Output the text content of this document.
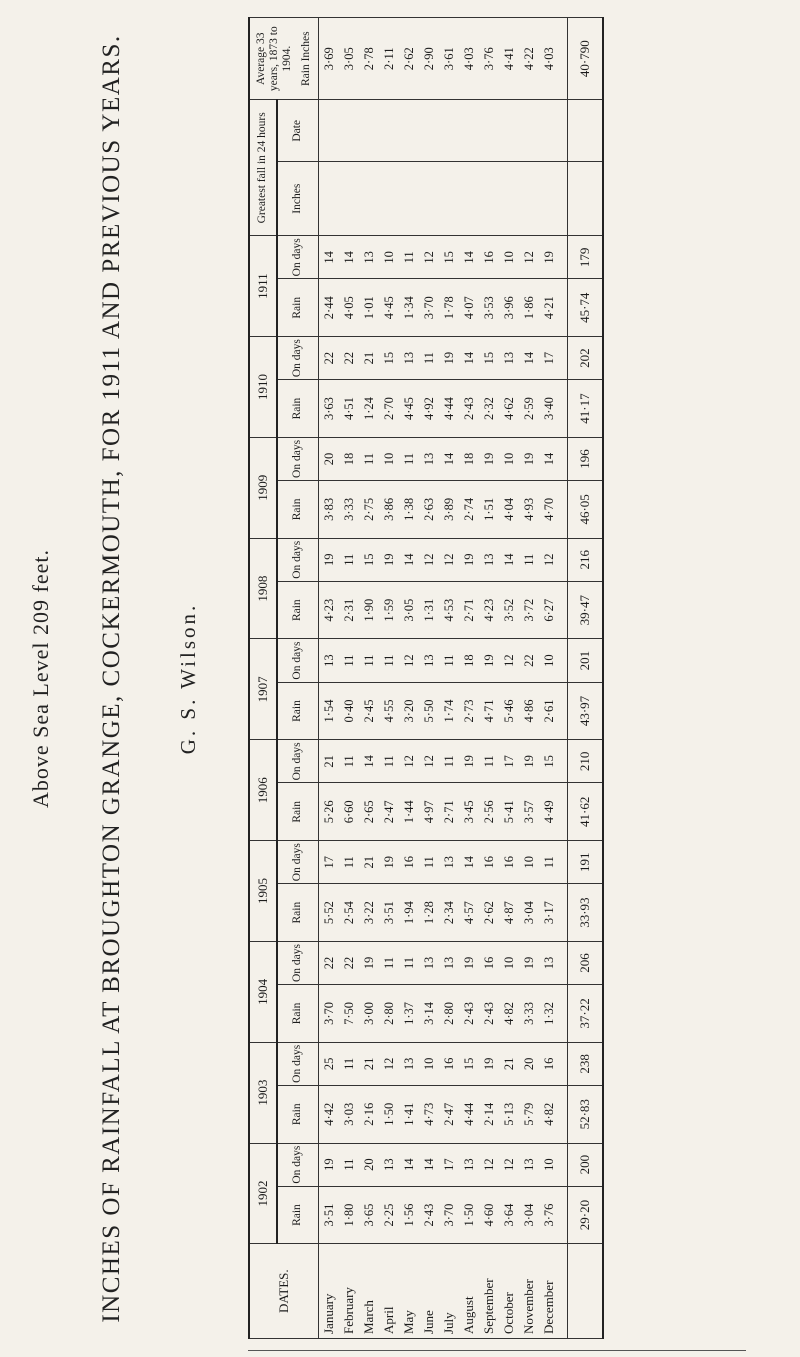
Above Sea Level 209 feet. INCHES OF RAINFALL AT BROUGHTON GRANGE, COCKERMOUTH, FOR 1911 AND PREVIOUS YEARS. G. S. Wilson.
DATES.	1902		1903		1904		1905		1906		1907		1908		1909		1910		1911		Greatest fall in 24 hours		Average 33 years, 1873 to 1904. Rain Inches

	Rain	On days	Rain	On days	Rain	On days	Rain	On days	Rain	On days	Rain	On days	Rain	On days	Rain	On days	Rain	On days	Rain	On days	Inches	Date	
January	3·51	19	4·42	25	3·70	22	5·52	17	5·26	21	1·54	13	4·23	19	3·83	20	3·63	22	2·44	14			3·69
February	1·80	11	3·03	11	7·50	22	2·54	11	6·60	11	0·40	11	2·31	11	3·33	18	4·51	22	4·05	14			3·05
March	3·65	20	2·16	21	3·00	19	3·22	21	2·65	14	2·45	11	1·90	15	2·75	11	1·24	21	1·01	13			2·78
April	2·25	13	1·50	12	2·80	11	3·51	19	2·47	11	4·55	11	1·59	19	3·86	10	2·70	15	4·45	10			2·11
May	1·56	14	1·41	13	1·37	11	1·94	16	1·44	12	3·20	12	3·05	14	1·38	11	4·45	13	1·34	11			2·62
June	2·43	14	4·73	10	3·14	13	1·28	11	4·97	12	5·50	13	1·31	12	2·63	13	4·92	11	3·70	12			2·90
July	3·70	17	2·47	16	2·80	13	2·34	13	2·71	11	1·74	11	4·53	12	3·89	14	4·44	19	1·78	15			3·61
August	1·50	13	4·44	15	2·43	19	4·57	14	3·45	19	2·73	18	2·71	19	2·74	18	2·43	14	4·07	14			4·03
September	4·60	12	2·14	19	2·43	16	2·62	16	2·56	11	4·71	19	4·23	13	1·51	19	2·32	15	3·53	16			3·76
October	3·64	12	5·13	21	4·82	10	4·87	16	5·41	17	5·46	12	3·52	14	4·04	10	4·62	13	3·96	10			4·41
November	3·04	13	5·79	20	3·33	19	3·04	10	3·57	19	4·86	22	3·72	11	4·93	19	2·59	14	1·86	12			4·22
December	3·76	10	4·82	16	1·32	13	3·17	11	4·49	15	2·61	10	6·27	12	4·70	14	3·40	17	4·21	19			4·03

	29·20	200	52·83	238	37·22	206	33·93	191	41·62	210	43·97	201	39·47	216	46·05	196	41·17	202	45·74	179			40·790
